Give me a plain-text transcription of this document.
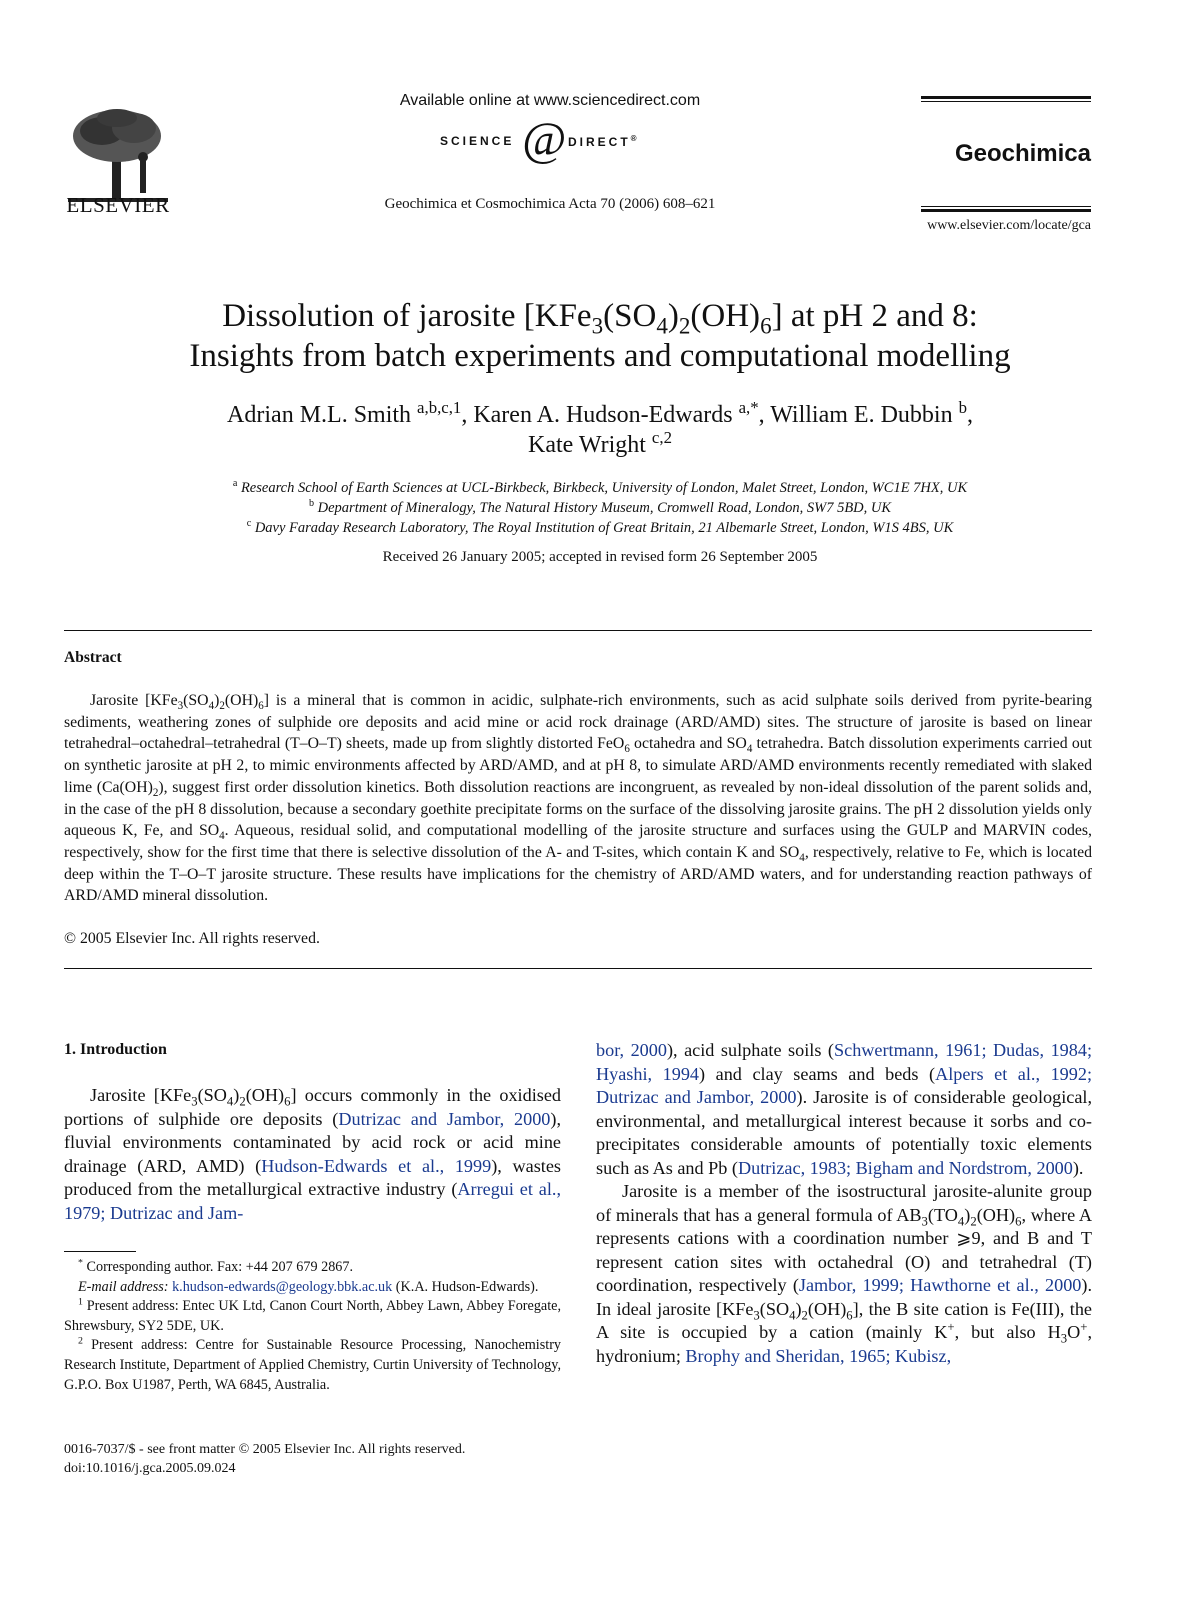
ELSEVIER
Available online at www.sciencedirect.com
SCIENCE @ DIRECT®
Geochimica et Cosmochimica Acta 70 (2006) 608–621
Geochimica
www.elsevier.com/locate/gca
Dissolution of jarosite $[KFe_3(SO_4)_2(OH)_6]$ at pH 2 and 8:
Insights from batch experiments and computational modelling
Adrian M.L. Smith $^{a,b,c,1}$, Karen A. Hudson-Edwards $^{a,*}$, William E. Dubbin $^b$,
Kate Wright $^{c,2}$
$^a$ Research School of Earth Sciences at UCL-Birkbeck, Birkbeck, University of London, Malet Street, London, WC1E 7HX, UK
$^b$ Department of Mineralogy, The Natural History Museum, Cromwell Road, London, SW7 5BD, UK
$^c$ Davy Faraday Research Laboratory, The Royal Institution of Great Britain, 21 Albemarle Street, London, W1S 4BS, UK
Received 26 January 2005; accepted in revised form 26 September 2005
Abstract
Jarosite $[KFe_3(SO_4)_2(OH)_6]$ is a mineral that is common in acidic, sulphate-rich environments, such as acid sulphate soils derived from pyrite-bearing sediments, weathering zones of sulphide ore deposits and acid mine or acid rock drainage (ARD/AMD) sites. The structure of jarosite is based on linear tetrahedral–octahedral–tetrahedral (T–O–T) sheets, made up from slightly distorted FeO$_6$ octahedra and $SO_4$ tetrahedra. Batch dissolution experiments carried out on synthetic jarosite at pH 2, to mimic environments affected by ARD/AMD, and at pH 8, to simulate ARD/AMD environments recently remediated with slaked lime $(Ca(OH)_2)$, suggest first order dissolution kinetics. Both dissolution reactions are incongruent, as revealed by non-ideal dissolution of the parent solids and, in the case of the pH 8 dissolution, because a secondary goethite precipitate forms on the surface of the dissolving jarosite grains. The pH 2 dissolution yields only aqueous K, Fe, and $SO_4$. Aqueous, residual solid, and computational modelling of the jarosite structure and surfaces using the GULP and MARVIN codes, respectively, show for the first time that there is selective dissolution of the A- and T-sites, which contain K and $SO_4$, respectively, relative to Fe, which is located deep within the T–O–T jarosite structure. These results have implications for the chemistry of ARD/AMD waters, and for understanding reaction pathways of ARD/AMD mineral dissolution.
© 2005 Elsevier Inc. All rights reserved.
1. Introduction

Jarosite $[KFe_3(SO_4)_2(OH)_6]$ occurs commonly in the oxidised portions of sulphide ore deposits (Dutrizac and Jambor, 2000), fluvial environments contaminated by acid rock or acid mine drainage (ARD, AMD) (Hudson-Edwards et al., 1999), wastes produced from the metallurgical extractive industry (Arregui et al., 1979; Dutrizac and Jam-

bor, 2000), acid sulphate soils (Schwertmann, 1961; Dudas, 1984; Hyashi, 1994) and clay seams and beds (Alpers et al., 1992; Dutrizac and Jambor, 2000). Jarosite is of considerable geological, environmental, and metallurgical interest because it sorbs and co-precipitates considerable amounts of potentially toxic elements such as As and Pb (Dutrizac, 1983; Bigham and Nordstrom, 2000).

Jarosite is a member of the isostructural jarosite-alunite group of minerals that has a general formula of $AB_3(TO_4)_2(OH)_6$, where A represents cations with a coordination number ⩾9, and B and T represent cation sites with octahedral (O) and tetrahedral (T) coordination, respectively (Jambor, 1999; Hawthorne et al., 2000). In ideal jarosite $[KFe_3(SO_4)_2(OH)_6]$, the B site cation is Fe(III), the A site is occupied by a cation (mainly K+, but also $H_3O^+$, hydronium; Brophy and Sheridan, 1965; Kubisz,

* Corresponding author. Fax: +44 207 679 2867.

E-mail address: k.hudson-edwards@geology.bbk.ac.uk (K.A. Hudson-Edwards).

$^1$ Present address: Entec UK Ltd, Canon Court North, Abbey Lawn, Abbey Foregate, Shrewsbury, SY2 5DE, UK.

$^2$ Present address: Centre for Sustainable Resource Processing, Nanochemistry Research Institute, Department of Applied Chemistry, Curtin University of Technology, G.P.O. Box U1987, Perth, WA 6845, Australia.

0016-7037/$ - see front matter © 2005 Elsevier Inc. All rights reserved.
doi:10.1016/j.gca.2005.09.024
